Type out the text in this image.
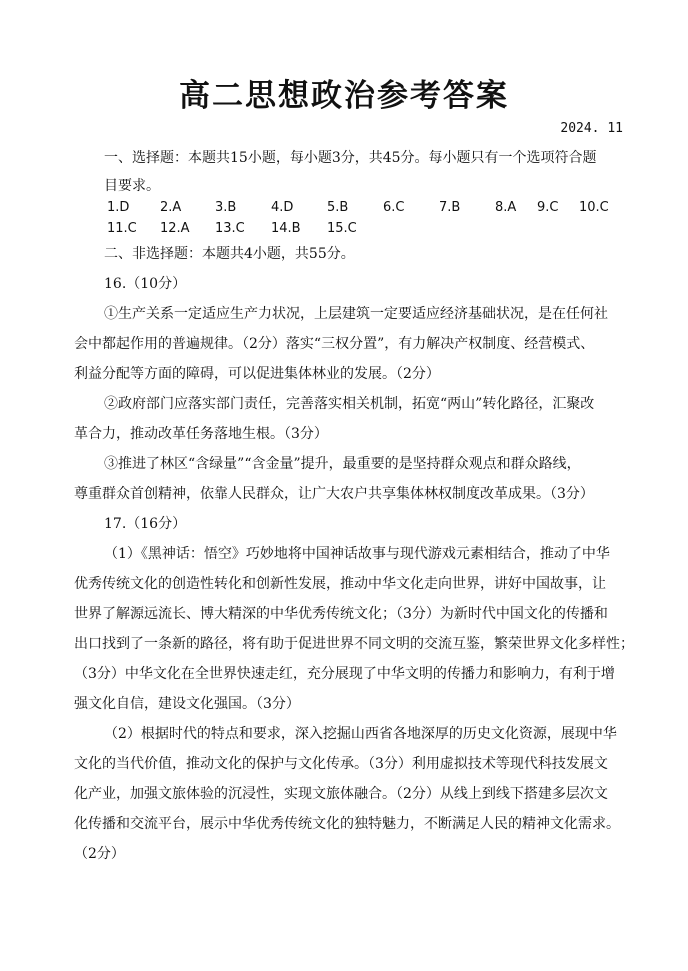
高二思想政治参考答案
2024. 11
一、选择题：本题共15小题，每小题3分，共45分。每小题只有一个选项符合题
目要求。
1.D 2.A	3.B	4.D	5.B	6.C	7.B	8.A 9.C 10.C
11.C 12.A 13.C 14.B 15.C
二、非选择题：本题共4小题，共55分。
16.（10分）
①生产关系一定适应生产力状况，上层建筑一定要适应经济基础状况，是在任何社
会中都起作用的普遍规律。（2分）落实“三权分置”，有力解决产权制度、经营模式、
利益分配等方面的障碍，可以促进集体林业的发展。（2分）
②政府部门应落实部门责任，完善落实相关机制，拓宽“两山”转化路径，汇聚改
革合力，推动改革任务落地生根。（3分）
③推进了林区“含绿量”“含金量”提升，最重要的是坚持群众观点和群众路线，
尊重群众首创精神，依靠人民群众，让广大农户共享集体林权制度改革成果。（3分）
17.（16分）
（1）《黑神话：悟空》巧妙地将中国神话故事与现代游戏元素相结合，推动了中华
优秀传统文化的创造性转化和创新性发展，推动中华文化走向世界，讲好中国故事，让
世界了解源远流长、博大精深的中华优秀传统文化；（3分）为新时代中国文化的传播和
出口找到了一条新的路径，将有助于促进世界不同文明的交流互鉴，繁荣世界文化多样性；
（3分）中华文化在全世界快速走红，充分展现了中华文明的传播力和影响力，有利于增
强文化自信，建设文化强国。（3分）
（2）根据时代的特点和要求，深入挖掘山西省各地深厚的历史文化资源，展现中华
文化的当代价值，推动文化的保护与文化传承。（3分）利用虚拟技术等现代科技发展文
化产业，加强文旅体验的沉浸性，实现文旅体融合。（2分）从线上到线下搭建多层次文
化传播和交流平台，展示中华优秀传统文化的独特魅力，不断满足人民的精神文化需求。
（2分）
